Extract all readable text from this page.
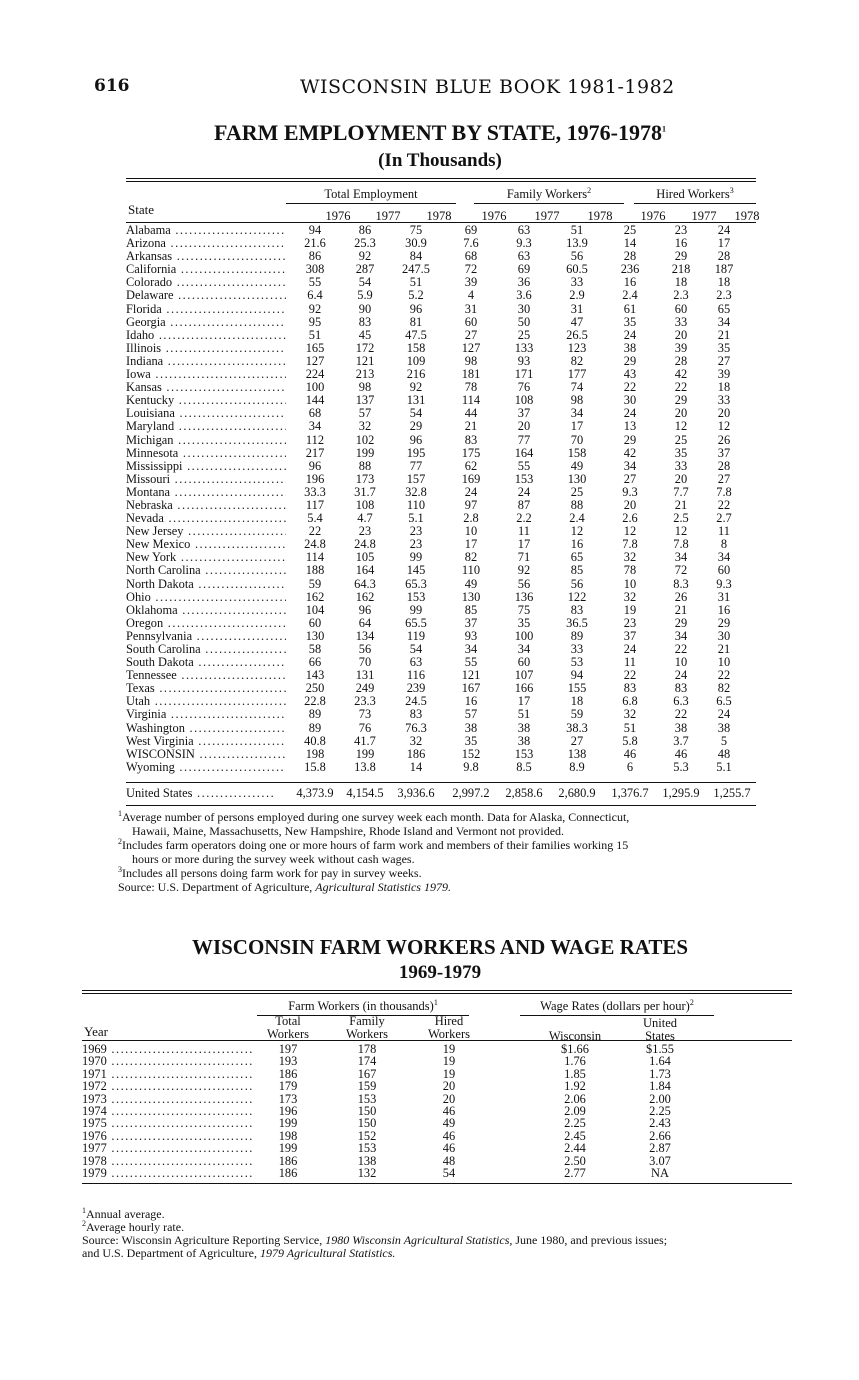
616	WISCONSIN BLUE BOOK 1981-1982
FARM EMPLOYMENT BY STATE, 1976-1978$^1$
(In Thousands)
State
Total Employment	Family Workers$^2$	Hired Workers$^3$
1976	1977	1978	1976	1977	1978	1976	1977	1978
Alabama .....	94	86	75	69	63	51	25	23	24
Arizona .....	21.6	25.3	30.9	7.6	9.3	13.9	14	16	17
Arkansas .....	86	92	84	68	63	56	28	29	28
California .....	308	287	247.5	72	69	60.5	236	218	187
Colorado .....	55	54	51	39	36	33	16	18	18
Delaware .....	6.4	5.9	5.2	4	3.6	2.9	2.4	2.3	2.3
Florida .....	92	90	96	31	30	31	61	60	65
Georgia .....	95	83	81	60	50	47	35	33	34
Idaho .....	51	45	47.5	27	25	26.5	24	20	21
Illinois .....	165	172	158	127	133	123	38	39	35
Indiana .....	127	121	109	98	93	82	29	28	27
Iowa .....	224	213	216	181	171	177	43	42	39
Kansas .....	100	98	92	78	76	74	22	22	18
Kentucky .....	144	137	131	114	108	98	30	29	33
Louisiana .....	68	57	54	44	37	34	24	20	20
Maryland .....	34	32	29	21	20	17	13	12	12
Michigan .....	112	102	96	83	77	70	29	25	26
Minnesota .....	217	199	195	175	164	158	42	35	37
Mississippi .....	96	88	77	62	55	49	34	33	28
Missouri .....	196	173	157	169	153	130	27	20	27
Montana .....	33.3	31.7	32.8	24	24	25	9.3	7.7	7.8
Nebraska .....	117	108	110	97	87	88	20	21	22
Nevada .....	5.4	4.7	5.1	2.8	2.2	2.4	2.6	2.5	2.7
New Jersey .....	22	23	23	10	11	12	12	12	11
New Mexico .....	24.8	24.8	23	17	17	16	7.8	7.8	8
New York .....	114	105	99	82	71	65	32	34	34
North Carolina .....	188	164	145	110	92	85	78	72	60
North Dakota .....	59	64.3	65.3	49	56	56	10	8.3	9.3
Ohio .....	162	162	153	130	136	122	32	26	31
Oklahoma .....	104	96	99	85	75	83	19	21	16
Oregon .....	60	64	65.5	37	35	36.5	23	29	29
Pennsylvania .....	130	134	119	93	100	89	37	34	30
South Carolina .....	58	56	54	34	34	33	24	22	21
South Dakota .....	66	70	63	55	60	53	11	10	10
Tennessee .....	143	131	116	121	107	94	22	24	22
Texas .....	250	249	239	167	166	155	83	83	82
Utah .....	22.8	23.3	24.5	16	17	18	6.8	6.3	6.5
Virginia .....	89	73	83	57	51	59	32	22	24
Washington .....	89	76	76.3	38	38	38.3	51	38	38
West Virginia .....	40.8	41.7	32	35	38	27	5.8	3.7	5
WISCONSIN .....	198	199	186	152	153	138	46	46	48
Wyoming .....	15.8	13.8	14	9.8	8.5	8.9	6	5.3	5.1
United States .....	4,373.9	4,154.5	3,936.6	2,997.2	2,858.6	2,680.9	1,376.7	1,295.9	1,255.7

$^1$Average number of persons employed during one survey week each month. Data for Alaska, Connecticut,

Hawaii, Maine, Massachusetts, New Hampshire, Rhode Island and Vermont not provided.

$^2$Includes farm operators doing one or more hours of farm work and members of their families working 15

hours or more during the survey week without cash wages.

$^3$Includes all persons doing farm work for pay in survey weeks.

Source: U.S. Department of Agriculture, Agricultural Statistics 1979.

WISCONSIN FARM WORKERS AND WAGE RATES
1969-1979
Farm Workers (in thousands)$^1$	Wage Rates (dollars per hour)$^2$
Year
Total Workers
Family Workers
Hired Workers	Wisconsin
United States
1969 .....	197	178	19	$1.66	$1.55
1970 .....	193	174	19	1.76	1.64
1971 .....	186	167	19	1.85	1.73
1972 .....	179	159	20	1.92	1.84
1973 .....	173	153	20	2.06	2.00
1974 .....	196	150	46	2.09	2.25
1975 .....	199	150	49	2.25	2.43
1976 .....	198	152	46	2.45	2.66
1977 .....	199	153	46	2.44	2.87
1978 .....	186	138	48	2.50	3.07
1979 .....	186	132	54	2.77	NA

$^1$Annual average.

$^2$Average hourly rate.

Source: Wisconsin Agriculture Reporting Service, 1980 Wisconsin Agricultural Statistics, June 1980, and previous issues;

and U.S. Department of Agriculture, 1979 Agricultural Statistics.
